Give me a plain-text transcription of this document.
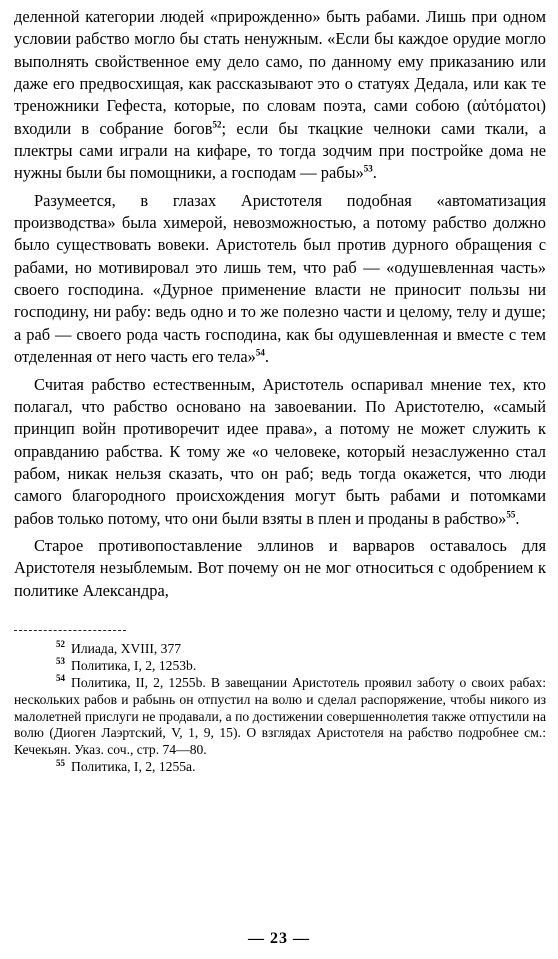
деленной категории людей «прирожденно» быть рабами. Лишь при одном условии рабство могло бы стать ненужным. «Если бы каждое орудие могло выполнять свойственное ему дело само, по данному ему приказанию или даже его предвосхищая, как рассказывают это о статуях Дедала, или как те треножники Гефеста, которые, по словам поэта, сами собою (αὐτόματοι) входили в собрание богов$^{52}$; если бы ткацкие челноки сами ткали, а плектры сами играли на кифаре, то тогда зодчим при постройке дома не нужны были бы помощники, а господам — рабы»$^{53}$.

Разумеется, в глазах Аристотеля подобная «автоматизация производства» была химерой, невозможностью, а потому рабство должно было существовать вовеки. Аристотель был против дурного обращения с рабами, но мотивировал это лишь тем, что раб — «одушевленная часть» своего господина. «Дурное применение власти не приносит пользы ни господину, ни рабу: ведь одно и то же полезно части и целому, телу и душе; а раб — своего рода часть господина, как бы одушевленная и вместе с тем отделенная от него часть его тела»$^{54}$.

Считая рабство естественным, Аристотель оспаривал мнение тех, кто полагал, что рабство основано на завоевании. По Аристотелю, «самый принцип войн противоречит идее права», а потому не может служить к оправданию рабства. К тому же «о человеке, который незаслуженно стал рабом, никак нельзя сказать, что он раб; ведь тогда окажется, что люди самого благородного происхождения могут быть рабами и потомками рабов только потому, что они были взяты в плен и проданы в рабство»$^{55}$.

Старое противопоставление эллинов и варваров оставалось для Аристотеля незыблемым. Вот почему он не мог относиться с одобрением к политике Александра,

$^{52}$ Илиада, XVIII, 377
$^{53}$ Политика, I, 2, 1253b.
$^{54}$ Политика, II, 2, 1255b. В завещании Аристотель проявил заботу о своих рабах: нескольких рабов и рабынь он отпустил на волю и сделал распоряжение, чтобы никого из малолетней прислуги не продавали, а по достижении совершеннолетия также отпустили на волю (Диоген Лаэртский, V, 1, 9, 15). О взглядах Аристотеля на рабство подробнее см.: Кечекьян. Указ. соч., стр. 74—80.
$^{55}$ Политика, I, 2, 1255a.
— 23 —
